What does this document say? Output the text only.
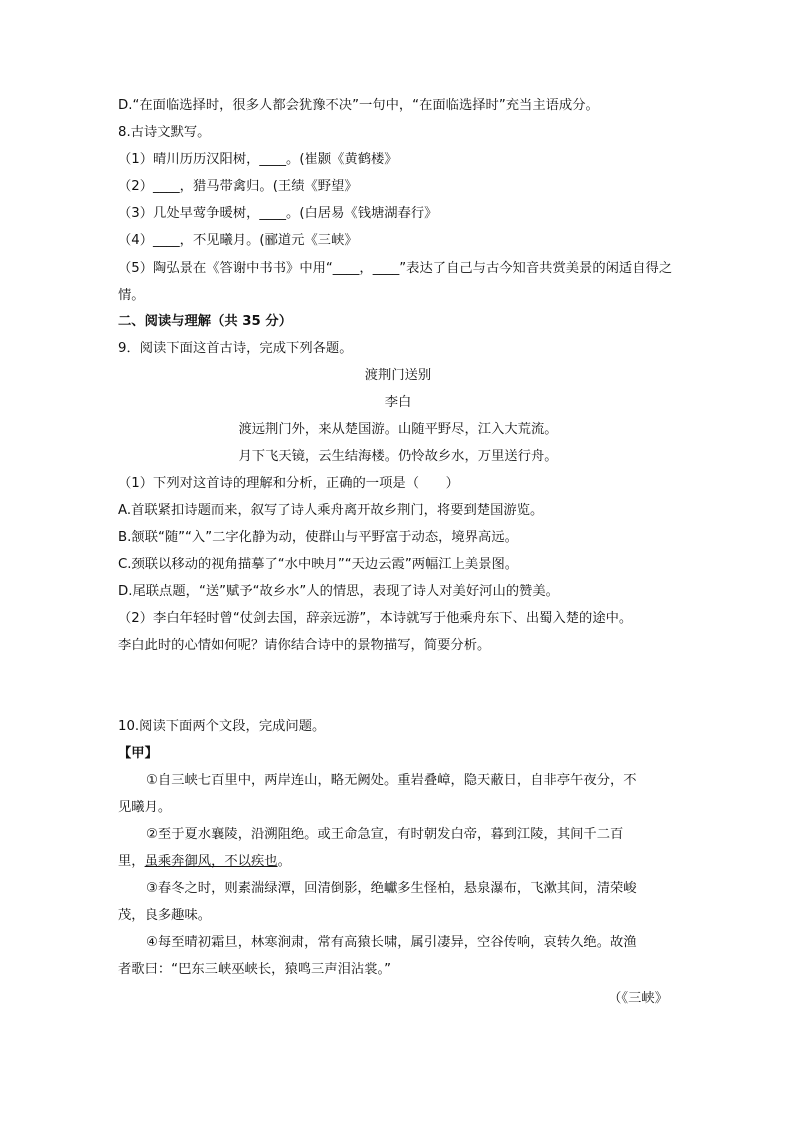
D.“在面临选择时，很多人都会犹豫不决”一句中，“在面临选择时”充当主语成分。
8.古诗文默写。
（1）晴川历历汉阳树，____。(崔颢《黄鹤楼》
（2）____，猎马带禽归。(王绩《野望》
（3）几处早莺争暖树，____。(白居易《钱塘湖春行》
（4）____，不见曦月。(郦道元《三峡》
（5）陶弘景在《答谢中书书》中用“____，____”表达了自己与古今知音共赏美景的闲适自得之情。
二、阅读与理解（共 35 分）
9．阅读下面这首古诗，完成下列各题。
渡荆门送别
李白
渡远荆门外，来从楚国游。山随平野尽，江入大荒流。
月下飞天镜，云生结海楼。仍怜故乡水，万里送行舟。
（1）下列对这首诗的理解和分析，正确的一项是（　　）
A.首联紧扣诗题而来，叙写了诗人乘舟离开故乡荆门，将要到楚国游览。
B.颔联“随”“入”二字化静为动，使群山与平野富于动态，境界高远。
C.颈联以移动的视角描摹了“水中映月”“天边云霞”两幅江上美景图。
D.尾联点题，“送”赋予“故乡水”人的情思，表现了诗人对美好河山的赞美。
（2）李白年轻时曾“仗剑去国，辞亲远游”，本诗就写于他乘舟东下、出蜀入楚的途中。
李白此时的心情如何呢？请你结合诗中的景物描写，简要分析。
10.阅读下面两个文段，完成问题。
【甲】
①自三峡七百里中，两岸连山，略无阙处。重岩叠嶂，隐天蔽日，自非亭午夜分，不
见曦月。
②至于夏水襄陵，沿溯阻绝。或王命急宣，有时朝发白帝，暮到江陵，其间千二百
里，虽乘奔御风，不以疾也。
③春冬之时，则素湍绿潭，回清倒影，绝巘多生怪柏，悬泉瀑布，飞漱其间，清荣峻
茂，良多趣味。
④每至晴初霜旦，林寒涧肃，常有高猿长啸，属引凄异，空谷传响，哀转久绝。故渔
者歌曰：“巴东三峡巫峡长，猿鸣三声泪沾裳。”
（《三峡》
